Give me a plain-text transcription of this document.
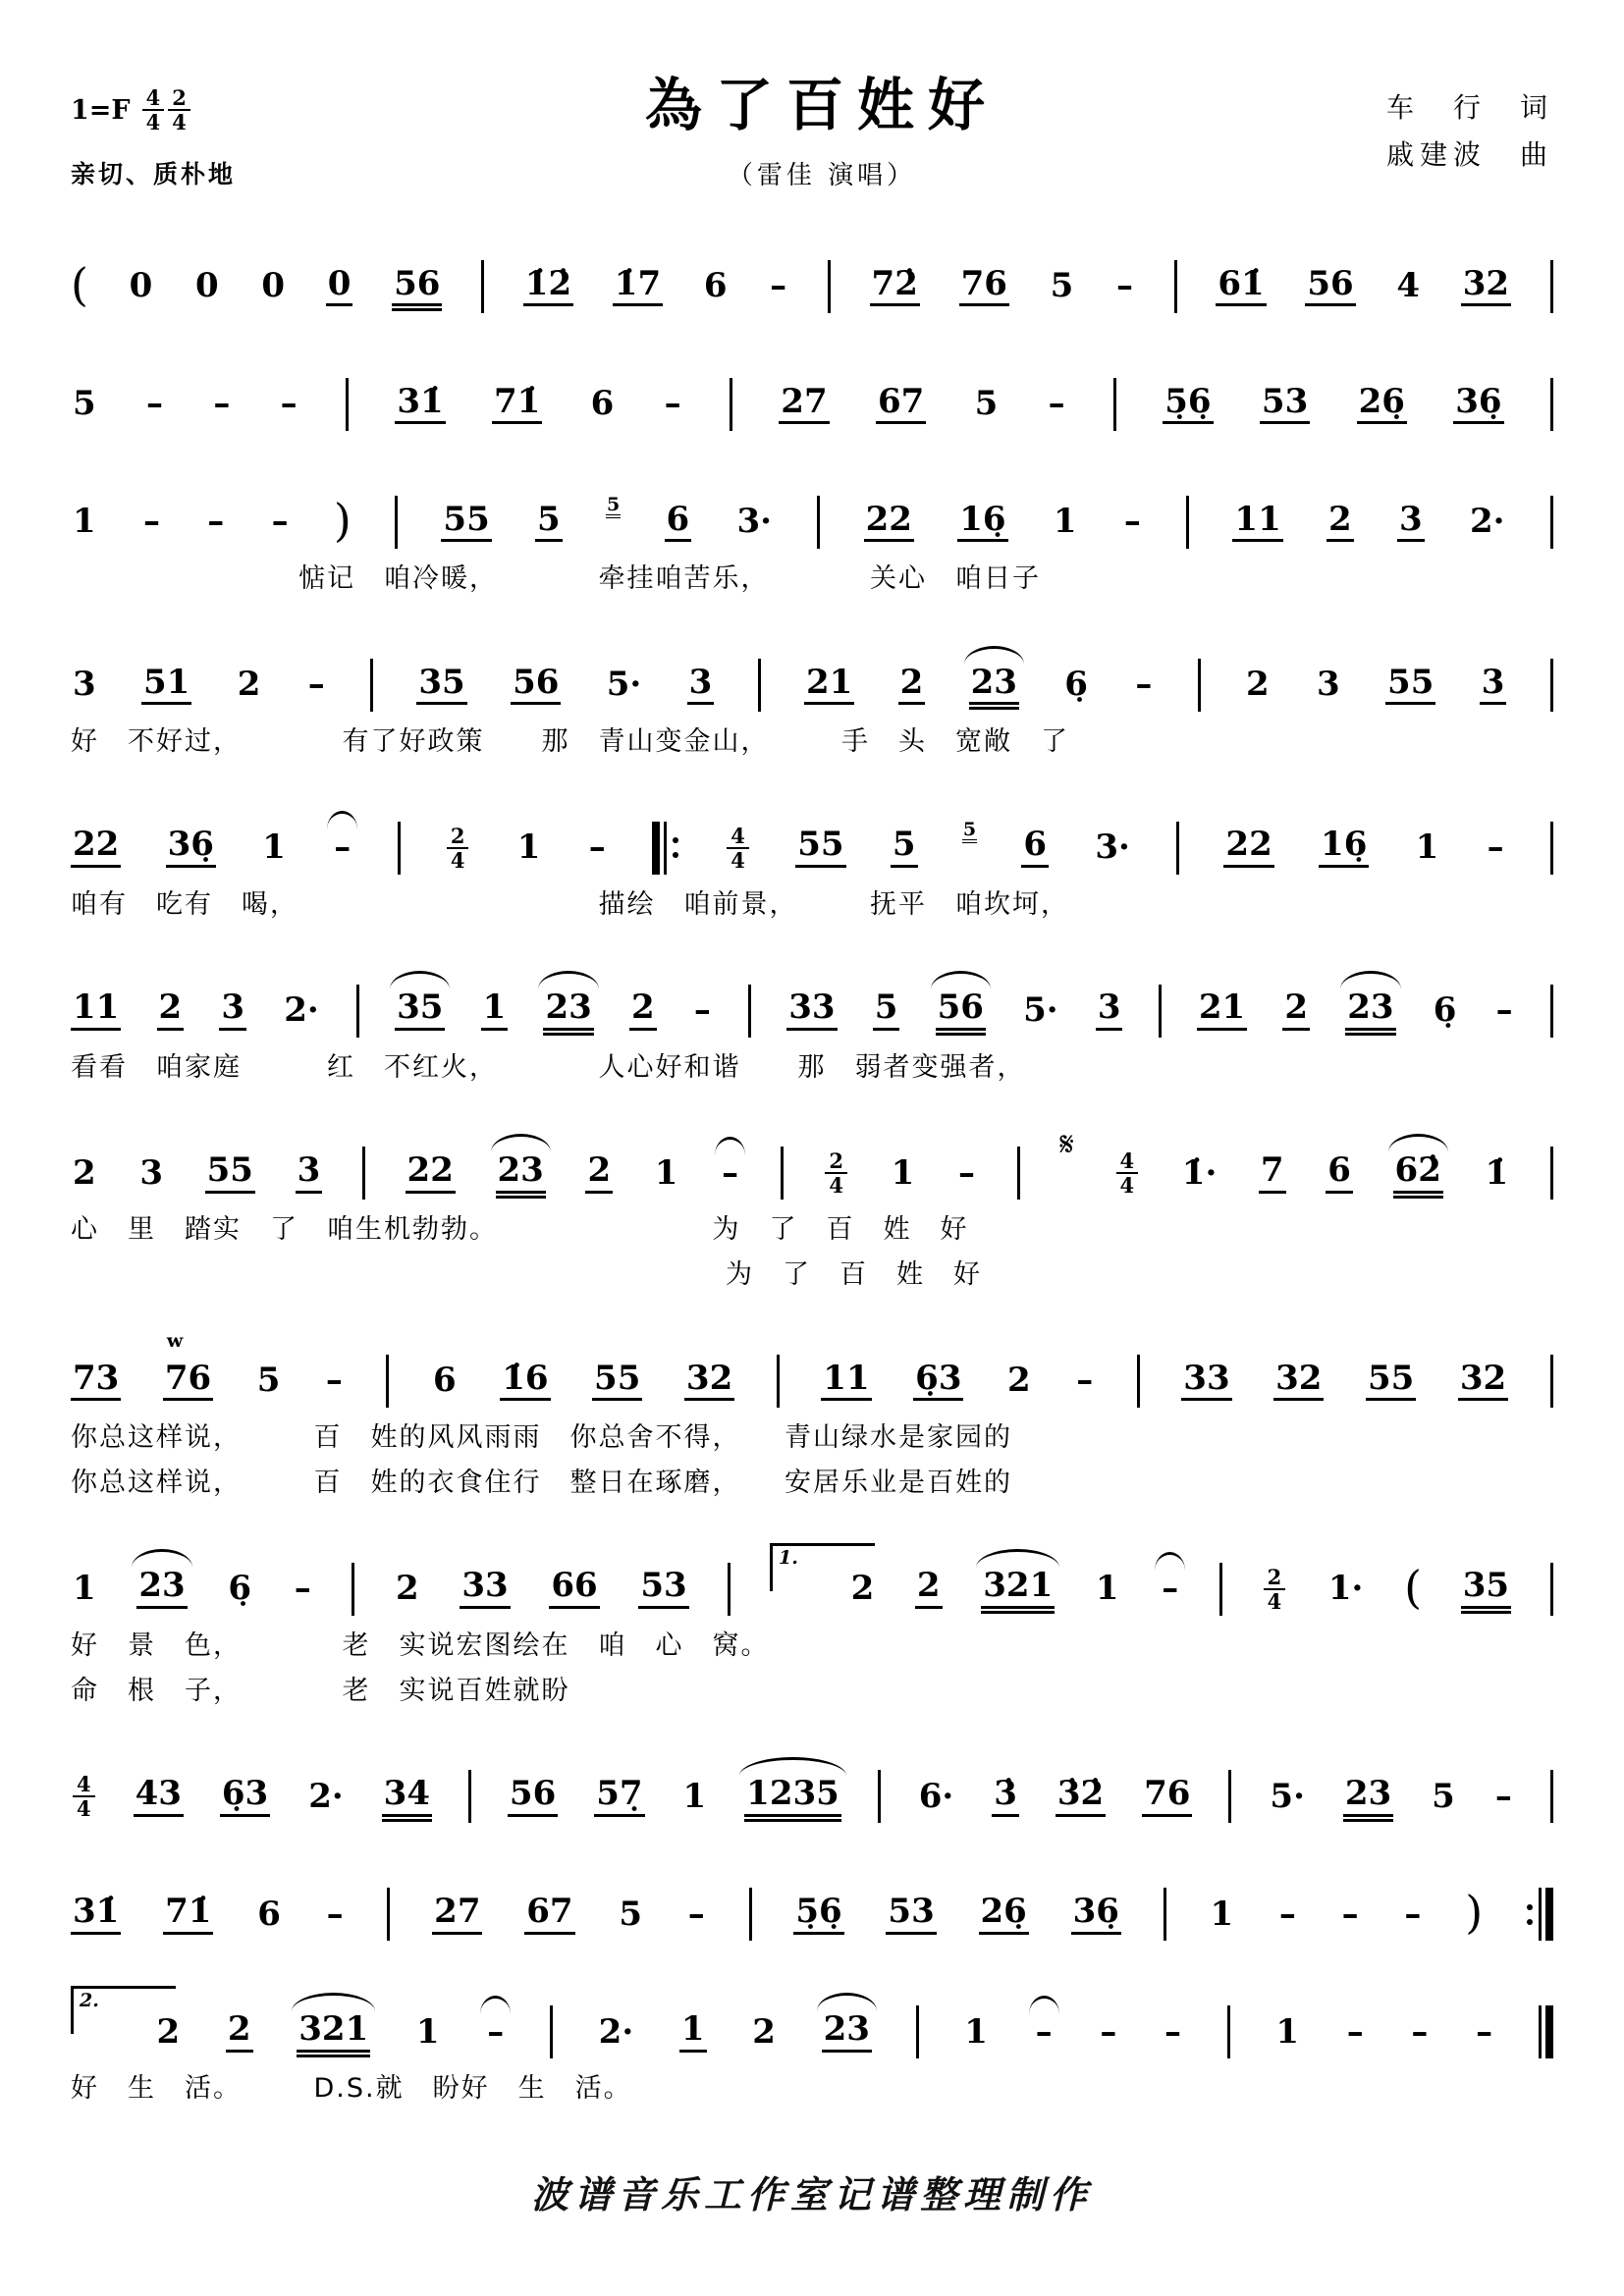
$1=F \frac{4}{4} \frac{2}{4}$
亲切、质朴地
為了百姓好
（雷佳 演唱）
车　行　词
戚建波　曲
( 0 0 0 0 56	1̇2̇ 1̇7 6 –	72̇ 76 5 –	61̇ 56 4 32
5 – – –	31̇ 71̇ 6 –	27 67 5 –	5̣6̣ 53 26̣ 36̣
1 – – – )	55 5 5 6 3·	22 16̣ 1 –	11 2 3 2·
　　　　　　　　惦记　咱冷暖，　　　　牵挂咱苦乐，　　　　关心　咱日子
3 51 2 –	35 56 5· 3	21 2 23 6̣ –	2 3 55 3
好　不好过，　　　　有了好政策　　那　青山变金山，　　　手　头　宽敞　了
22 36̣ 1 –	$\frac{2}{4} 1$ –	$\frac{4}{4} 55$ 5	5 6 3·	22 16̣ 1 –
咱有　吃有　喝，　　　　　　　　　　　描绘　咱前景，　　　抚平　咱坎坷，
11 2 3 2· 35 1 23 2 – 33 5 56 5· 3 21 2 23 6̣ –
看看　咱家庭　　　红　不红火，　　　　人心好和谐　　那　弱者变强者，
2 3 55 3	22 23 2 1 –	$\frac{2}{4} 1$ –
𝄋
$\frac{4}{4}$ 1̇· 7 6 62̇ 1̇
心　里　踏实　了　咱生机勃勃。　　　　　　　　为　了　百　姓　好
　　　　　　　　　　　　　　　　　　　　　　　为　了　百　姓　好
73 w 76 5 –	6 1̇6 55 32	11 6̣3 2 –	33 32 55 32
你总这样说，　　　百　姓的风风雨雨　你总舍不得，　　青山绿水是家园的
你总这样说，　　　百　姓的衣食住行　整日在琢磨，　　安居乐业是百姓的
1 23 6̣ –	2 33 66 53
1.
2 2 321 1 –	$\frac{2}{4} 1\cdot$ ( 35
好　景　色，　　　　老　实说宏图绘在　咱　心　窝。
命　根　子，　　　　老　实说百姓就盼
$\frac{4}{4} 43$ 6̣3 2· 34 56 57̣ 1 1235 6· 3̇ 3̇2̇ 76 5· 23 5 –
31̇ 71̇ 6 –	27 67 5 –	5̣6̣ 53 26̣ 36̣	1 – – – )
2.
2 2 321 1 –	2· 1 2 23	1 – – –	1 – – –
好　生　活。　　　D.S.就　盼好　生　活。
波谱音乐工作室记谱整理制作
